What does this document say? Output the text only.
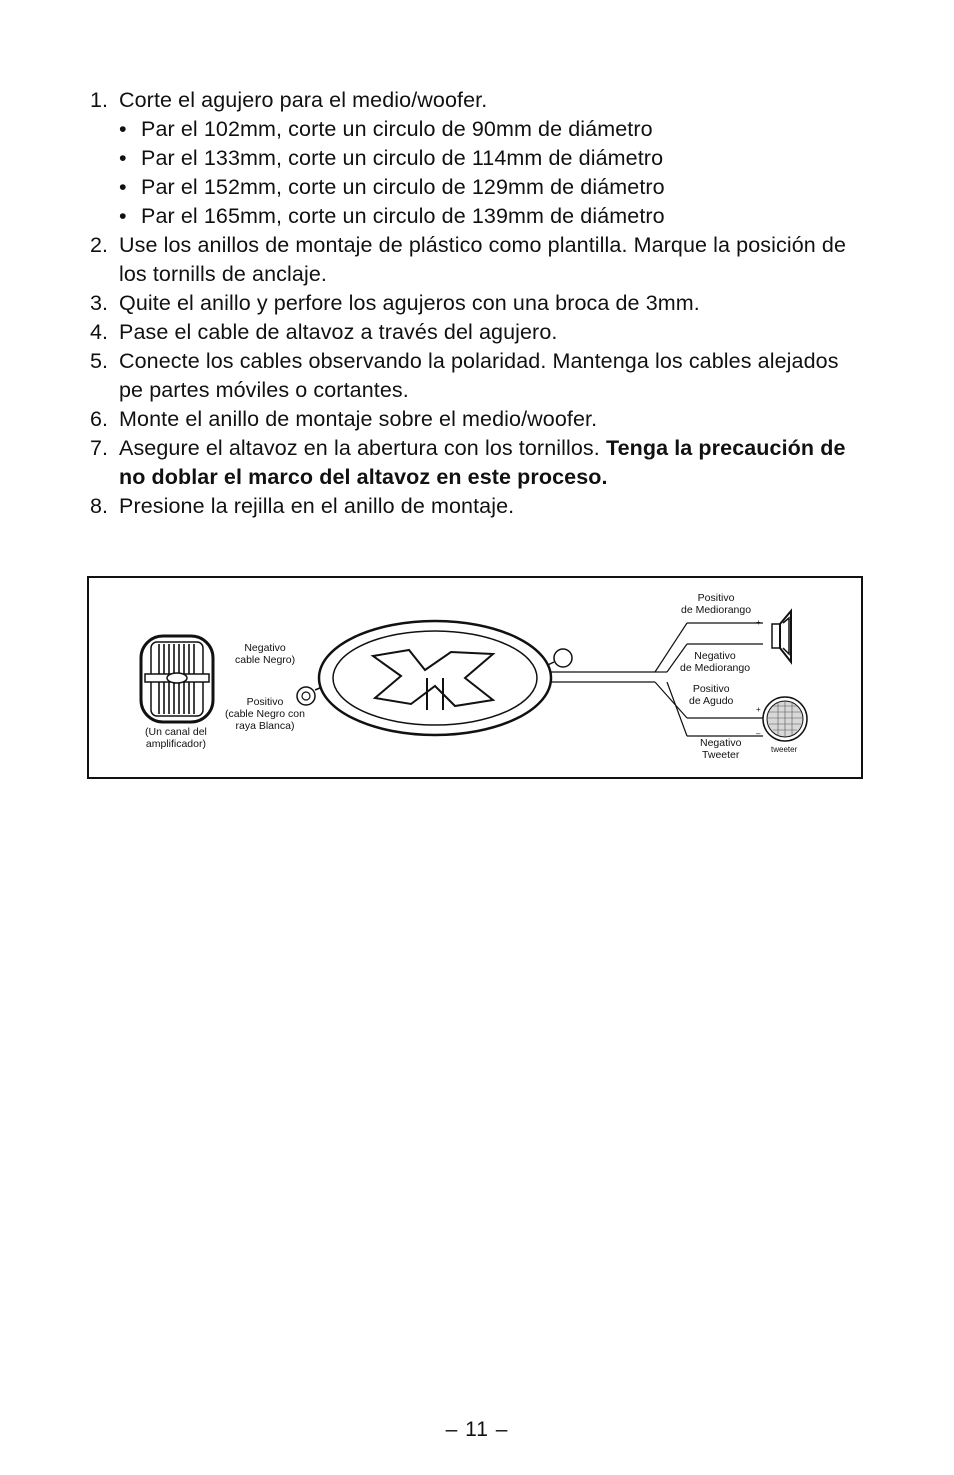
1. Corte el agujero para el medio/woofer.
• Par el 102mm, corte un circulo de 90mm de diámetro
• Par el 133mm, corte un circulo de 114mm de diámetro
• Par el 152mm, corte un circulo de 129mm de diámetro
• Par el 165mm, corte un circulo de 139mm de diámetro
2. Use los anillos de montaje de plástico como plantilla. Marque la posición de los tornills de anclaje.
3. Quite el anillo y perfore los agujeros con una broca de 3mm.
4. Pase el cable de altavoz a través del agujero.
5. Conecte los cables observando la polaridad. Mantenga los cables alejados pe partes móviles o cortantes.
6. Monte el anillo de montaje sobre el medio/woofer.
7. Asegure el altavoz en la abertura con los tornillos. Tenga la precaución de no doblar el marco del altavoz en este proceso.
8. Presione la rejilla en el anillo de montaje.
Negativo
cable Negro)
Positivo
(cable Negro con
raya Blanca)
(Un canal del
amplificador)
Positivo
de Mediorango
Negativo
de Mediorango
Positivo
de Agudo
Negativo
Tweeter	tweeter
+
–
+
–
– 11 –
